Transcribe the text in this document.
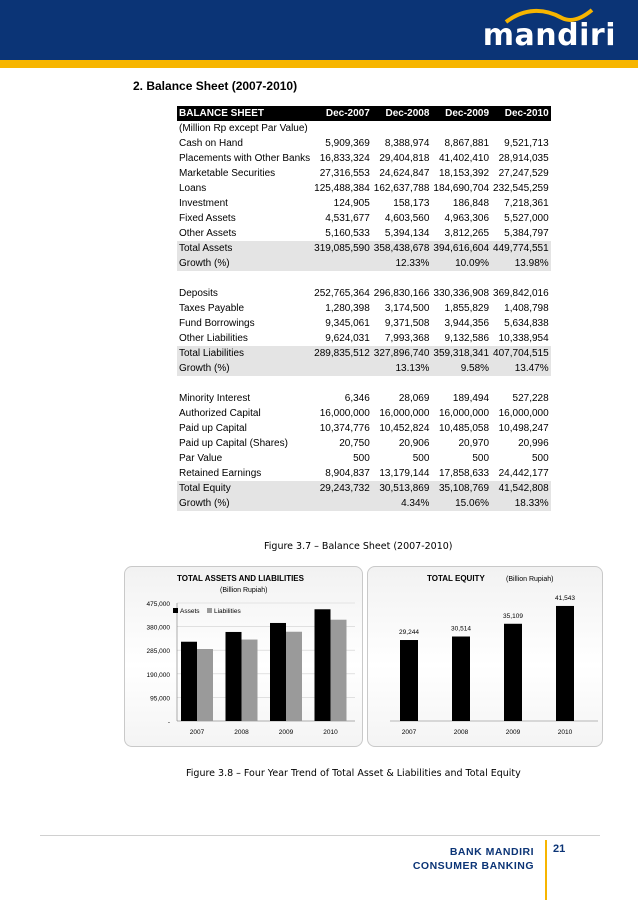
mandiri
2. Balance Sheet (2007-2010)
BALANCE SHEET	Dec-2007	Dec-2008	Dec-2009	Dec-2010
(Million Rp except Par Value)				
Cash on Hand	5,909,369	8,388,974	8,867,881	9,521,713
Placements with Other Banks	16,833,324	29,404,818	41,402,410	28,914,035
Marketable Securities	27,316,553	24,624,847	18,153,392	27,247,529
Loans	125,488,384	162,637,788	184,690,704	232,545,259
Investment	124,905	158,173	186,848	7,218,361
Fixed Assets	4,531,677	4,603,560	4,963,306	5,527,000
Other Assets	5,160,533	5,394,134	3,812,265	5,384,797
Total Assets	319,085,590	358,438,678	394,616,604	449,774,551
Growth (%)		12.33%	10.09%	13.98%

Deposits	252,765,364	296,830,166	330,336,908	369,842,016
Taxes Payable	1,280,398	3,174,500	1,855,829	1,408,798
Fund Borrowings	9,345,061	9,371,508	3,944,356	5,634,838
Other Liabilities	9,624,031	7,993,368	9,132,586	10,338,954
Total Liabilities	289,835,512	327,896,740	359,318,341	407,704,515
Growth (%)		13.13%	9.58%	13.47%

Minority Interest	6,346	28,069	189,494	527,228
Authorized Capital	16,000,000	16,000,000	16,000,000	16,000,000
Paid up Capital	10,374,776	10,452,824	10,485,058	10,498,247
Paid up Capital (Shares)	20,750	20,906	20,970	20,996
Par Value	500	500	500	500
Retained Earnings	8,904,837	13,179,144	17,858,633	24,442,177
Total Equity	29,243,732	30,513,869	35,108,769	41,542,808
Growth (%)		4.34%	15.06%	18.33%
Figure 3.7 – Balance Sheet (2007-2010)
TOTAL ASSETS AND LIABILITIES
(Billion Rupiah)
-
95,000
190,000
285,000
380,000
475,000
Assets Liabilities
2007	2008	2009	2010
TOTAL EQUITY	(Billion Rupiah)
29,244
2007
30,514
2008
35,109
2009
41,543
2010
Figure 3.8 – Four Year Trend of Total Asset & Liabilities and Total Equity
BANK MANDIRI
CONSUMER BANKING
21
